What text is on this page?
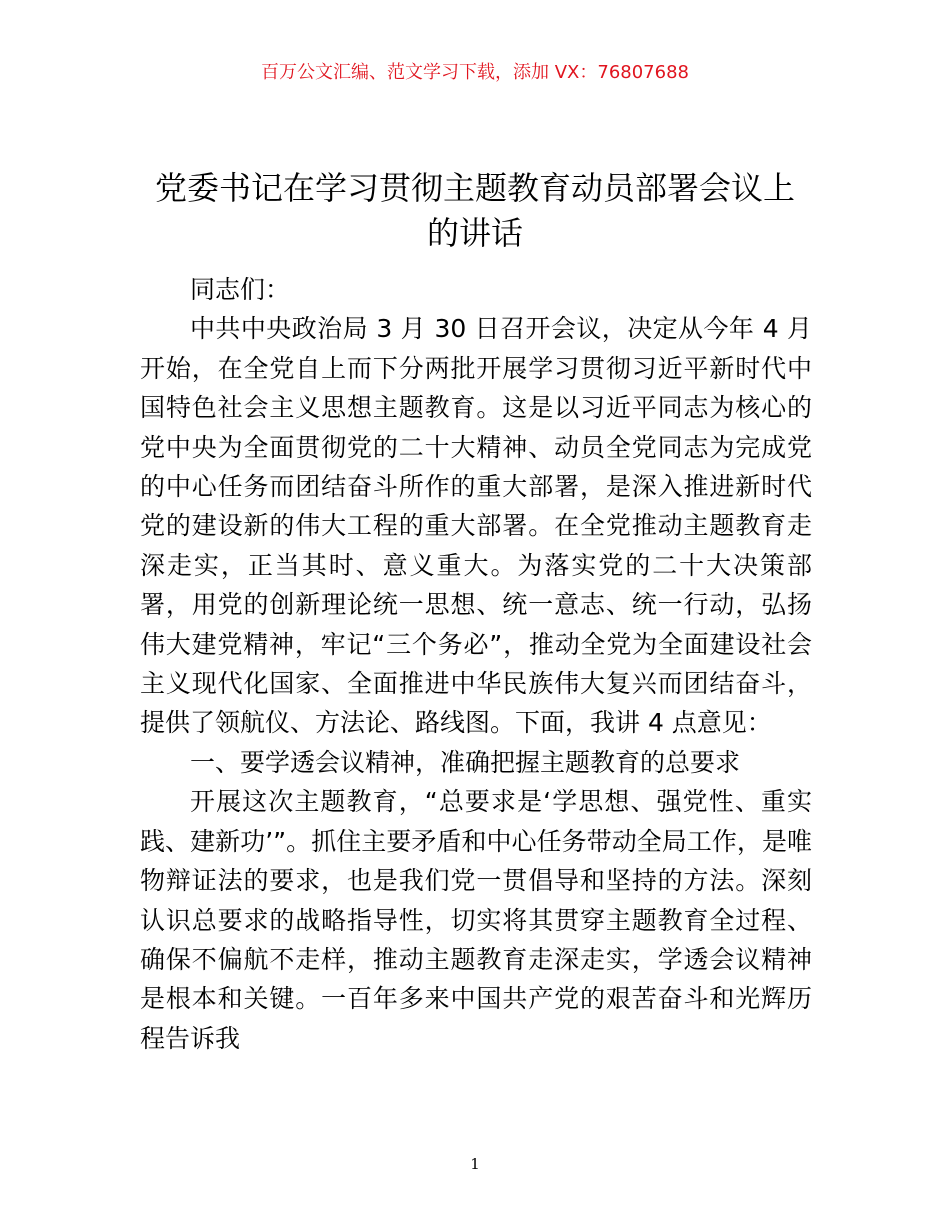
百万公文汇编、范文学习下载，添加 VX：76807688
党委书记在学习贯彻主题教育动员部署会议上的讲话

同志们：

中共中央政治局 3 月 30 日召开会议，决定从今年 4 月开始，在全党自上而下分两批开展学习贯彻习近平新时代中国特色社会主义思想主题教育。这是以习近平同志为核心的党中央为全面贯彻党的二十大精神、动员全党同志为完成党的中心任务而团结奋斗所作的重大部署，是深入推进新时代党的建设新的伟大工程的重大部署。在全党推动主题教育走深走实，正当其时、意义重大。为落实党的二十大决策部署，用党的创新理论统一思想、统一意志、统一行动，弘扬伟大建党精神，牢记“三个务必”，推动全党为全面建设社会主义现代化国家、全面推进中华民族伟大复兴而团结奋斗，提供了领航仪、方法论、路线图。下面，我讲 4 点意见：

一、要学透会议精神，准确把握主题教育的总要求

开展这次主题教育，“总要求是‘学思想、强党性、重实践、建新功’”。抓住主要矛盾和中心任务带动全局工作，是唯物辩证法的要求，也是我们党一贯倡导和坚持的方法。深刻认识总要求的战略指导性，切实将其贯穿主题教育全过程、确保不偏航不走样，推动主题教育走深走实，学透会议精神是根本和关键。一百年多来中国共产党的艰苦奋斗和光辉历程告诉我

1
